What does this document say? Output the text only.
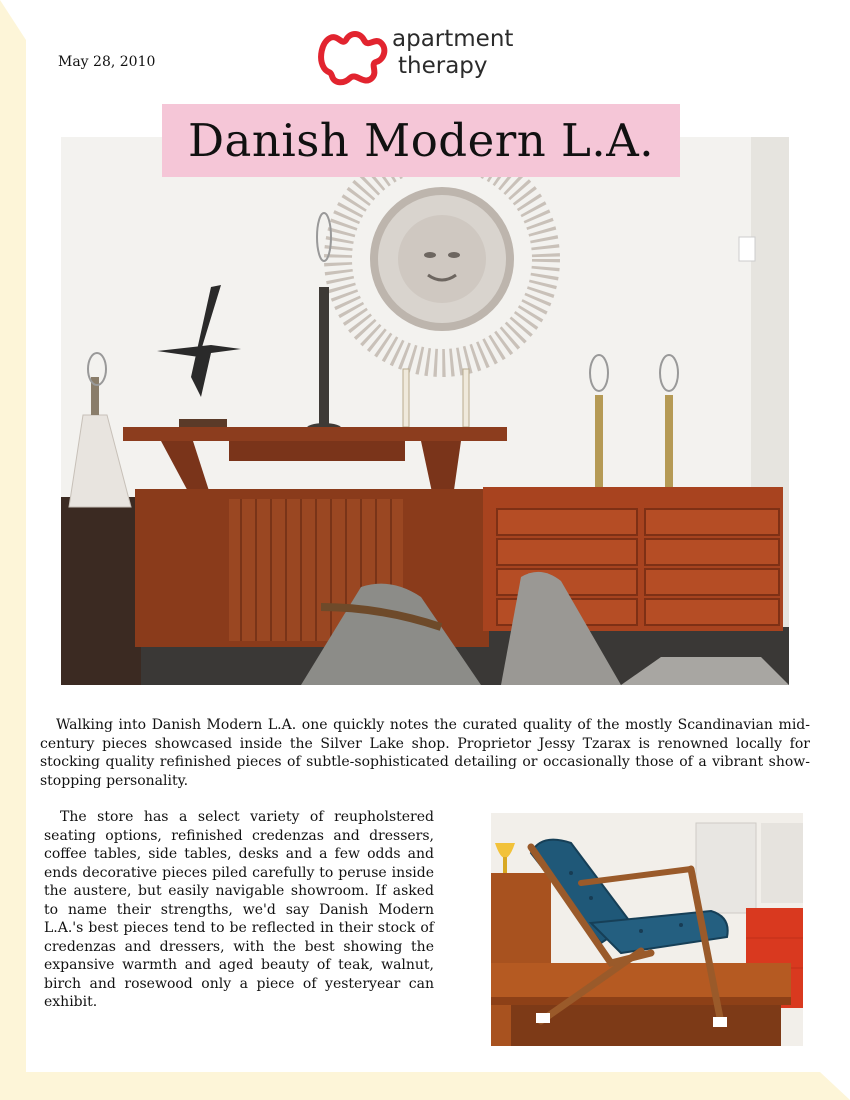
May 28, 2010
apartment
therapy
Danish Modern L.A.

Walking into Danish Modern L.A. one quickly notes the curated quality of the mostly Scandinavian mid-century pieces showcased inside the Silver Lake shop. Proprietor Jessy Tzarax is renowned locally for stocking quality refinished pieces of subtle-sophisticated detailing or occasionally those of a vibrant show-stopping personality.

The store has a select variety of reupholstered seating options, refinished credenzas and dressers, coffee tables, side tables, desks and a few odds and ends decorative pieces piled carefully to peruse inside the austere, but easily navigable showroom. If asked to name their strengths, we'd say Danish Modern L.A.'s best pieces tend to be reflected in their stock of credenzas and dressers, with the best showing the expansive warmth and aged beauty of teak, walnut, birch and rosewood only a piece of yesteryear can exhibit.
